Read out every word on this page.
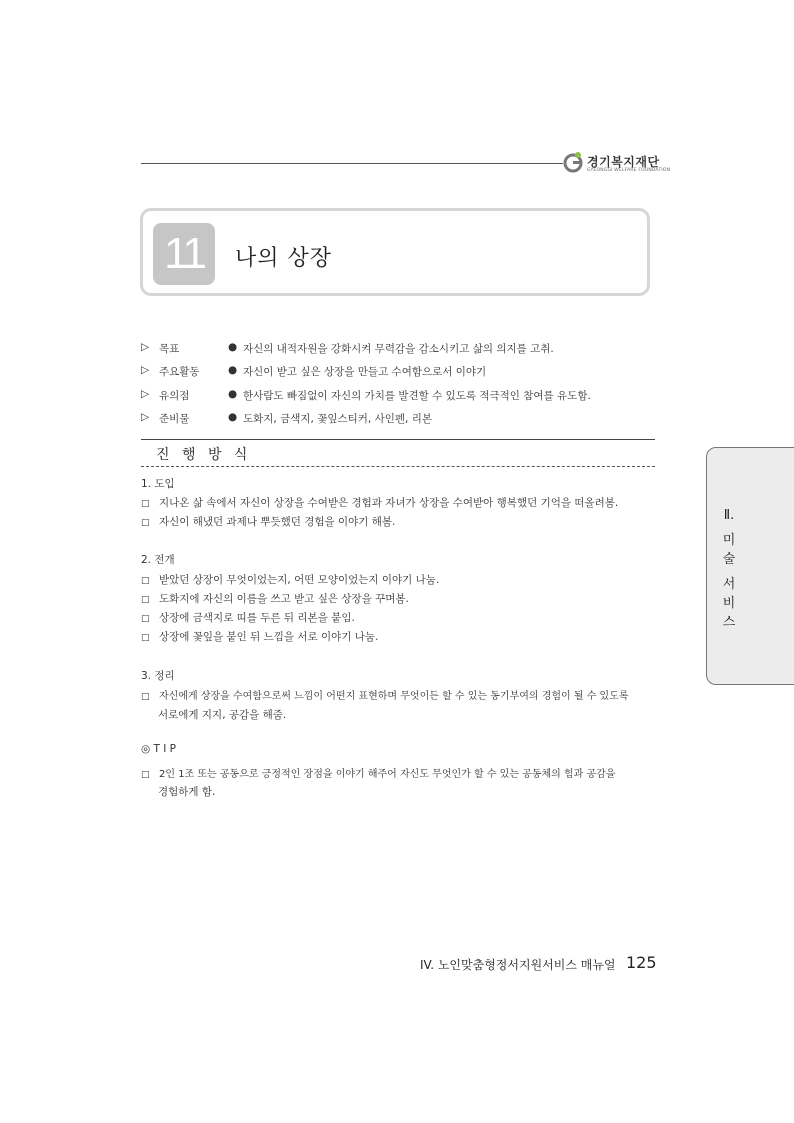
경기복지재단
GYEONGGI WELFARE FOUNDATION
11	나의 상장
▷ 목표	● 자신의 내적자원을 강화시켜 무력감을 감소시키고 삶의 의지를 고취.
▷ 주요활동	● 자신이 받고 싶은 상장을 만들고 수여함으로서 이야기
▷ 유의점	● 한사람도 빠짐없이 자신의 가치를 발견할 수 있도록 적극적인 참여를 유도함.
▷ 준비물	● 도화지, 금색지, 꽃잎스티커, 사인펜, 리본
진 행 방 식
1. 도입
□ 지나온 삶 속에서 자신이 상장을 수여받은 경험과 자녀가 상장을 수여받아 행복했던 기억을 떠올려봄.
□ 자신이 해냈던 과제나 뿌듯했던 경험을 이야기 해봄.
2. 전개
□ 받았던 상장이 무엇이었는지, 어떤 모양이었는지 이야기 나눔.
□ 도화지에 자신의 이름을 쓰고 받고 싶은 상장을 꾸며봄.
□ 상장에 금색지로 띠를 두른 뒤 리본을 붙임.
□ 상장에 꽃잎을 붙인 뒤 느낌을 서로 이야기 나눔.
3. 정리
□ 자신에게 상장을 수여함으로써 느낌이 어떤지 표현하며 무엇이든 할 수 있는 동기부여의 경험이 될 수 있도록
서로에게 지지, 공감을 해줌.
◎ T I P
□ 2인 1조 또는 공동으로 긍정적인 장점을 이야기 해주어 자신도 무엇인가 할 수 있는 공동체의 힘과 공감을
경험하게 함.
Ⅱ.
미
술
서
비
스
IV. 노인맞춤형정서지원서비스 매뉴얼 125
